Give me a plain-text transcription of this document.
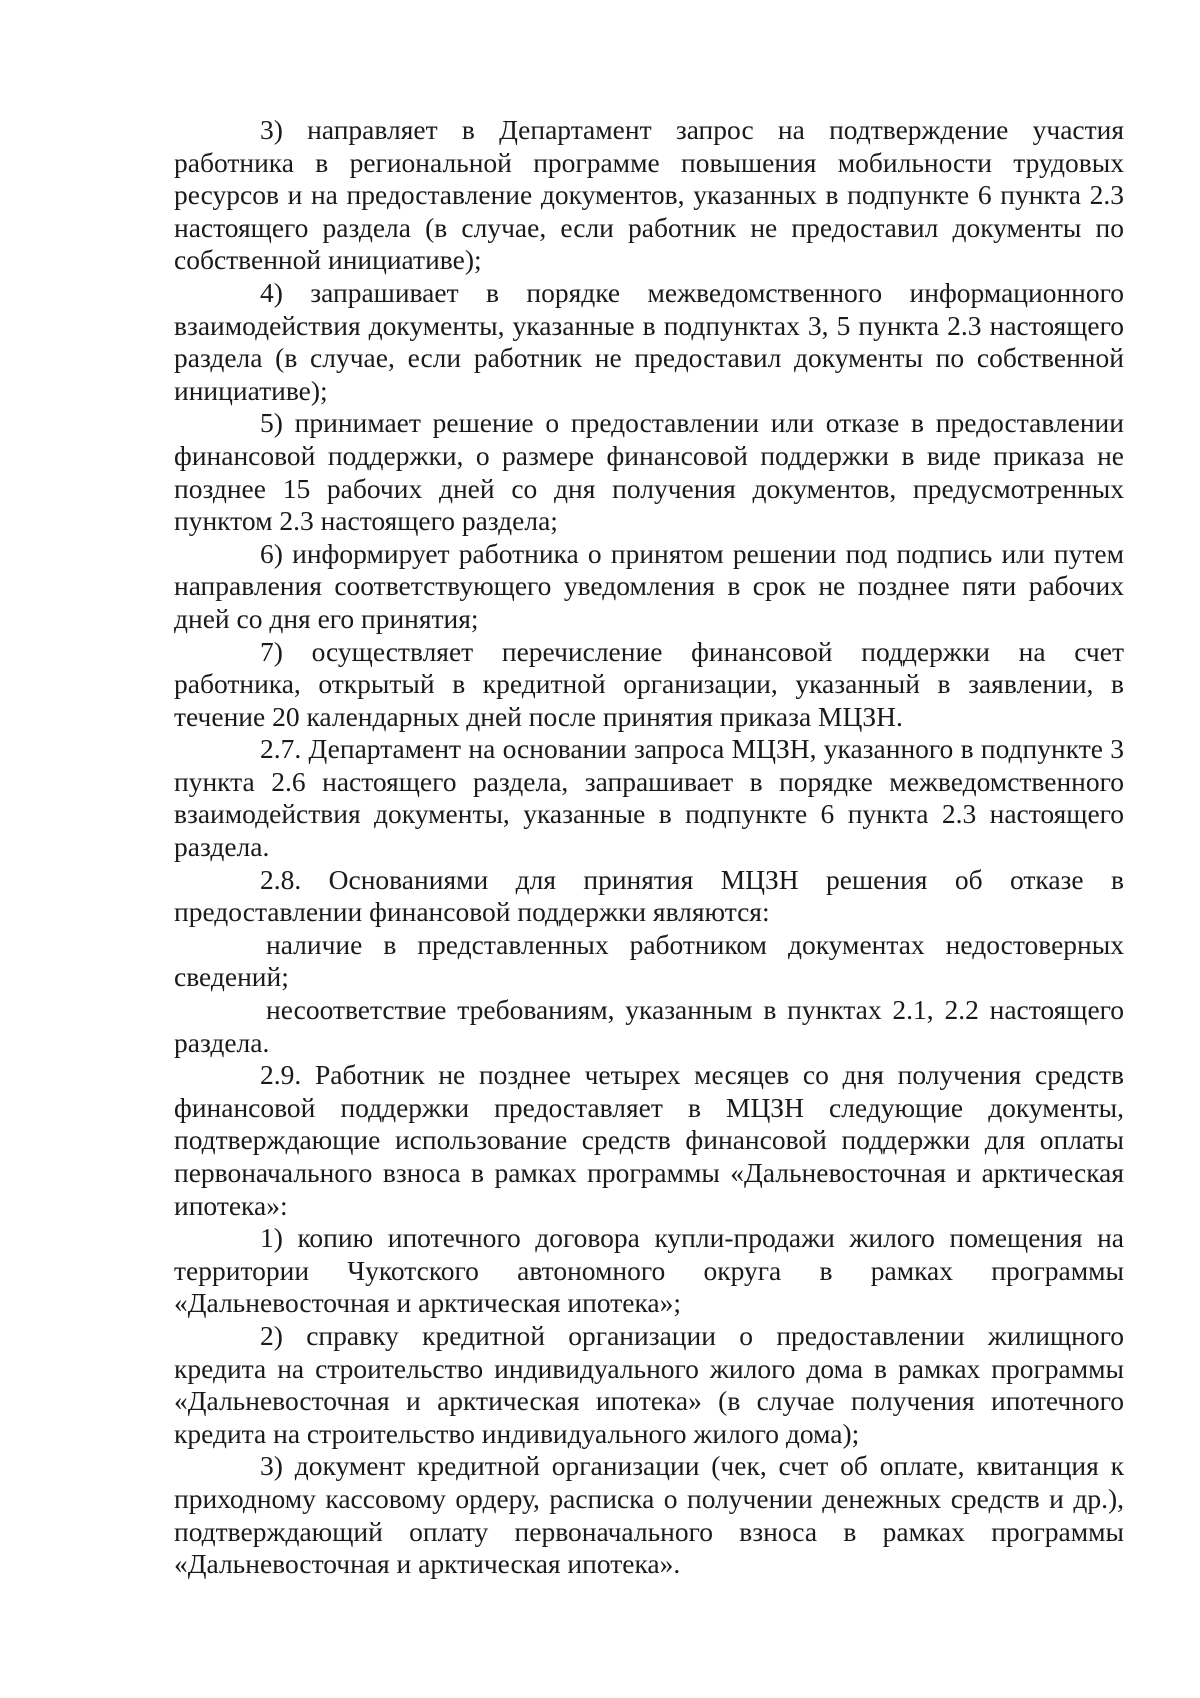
3) направляет в Департамент запрос на подтверждение участия работника в региональной программе повышения мобильности трудовых ресурсов и на предоставление документов, указанных в подпункте 6 пункта 2.3 настоящего раздела (в случае, если работник не предоставил документы по собственной инициативе);

4) запрашивает в порядке межведомственного информационного взаимодействия документы, указанные в подпунктах 3, 5 пункта 2.3 настоящего раздела (в случае, если работник не предоставил документы по собственной инициативе);

5) принимает решение о предоставлении или отказе в предоставлении финансовой поддержки, о размере финансовой поддержки в виде приказа не позднее 15 рабочих дней со дня получения документов, предусмотренных пунктом 2.3 настоящего раздела;

6) информирует работника о принятом решении под подпись или путем направления соответствующего уведомления в срок не позднее пяти рабочих дней со дня его принятия;

7) осуществляет перечисление финансовой поддержки на счет работника, открытый в кредитной организации, указанный в заявлении, в течение 20 календарных дней после принятия приказа МЦЗН.

2.7. Департамент на основании запроса МЦЗН, указанного в подпункте 3 пункта 2.6 настоящего раздела, запрашивает в порядке межведомственного взаимодействия документы, указанные в подпункте 6 пункта 2.3 настоящего раздела.

2.8. Основаниями для принятия МЦЗН решения об отказе в предоставлении финансовой поддержки являются:

наличие в представленных работником документах недостоверных сведений;

несоответствие требованиям, указанным в пунктах 2.1, 2.2 настоящего раздела.

2.9. Работник не позднее четырех месяцев со дня получения средств финансовой поддержки предоставляет в МЦЗН следующие документы, подтверждающие использование средств финансовой поддержки для оплаты первоначального взноса в рамках программы «Дальневосточная и арктическая ипотека»:

1) копию ипотечного договора купли-продажи жилого помещения на территории Чукотского автономного округа в рамках программы «Дальневосточная и арктическая ипотека»;

2) справку кредитной организации о предоставлении жилищного кредита на строительство индивидуального жилого дома в рамках программы «Дальневосточная и арктическая ипотека» (в случае получения ипотечного кредита на строительство индивидуального жилого дома);

3) документ кредитной организации (чек, счет об оплате, квитанция к приходному кассовому ордеру, расписка о получении денежных средств и др.), подтверждающий оплату первоначального взноса в рамках программы «Дальневосточная и арктическая ипотека».
